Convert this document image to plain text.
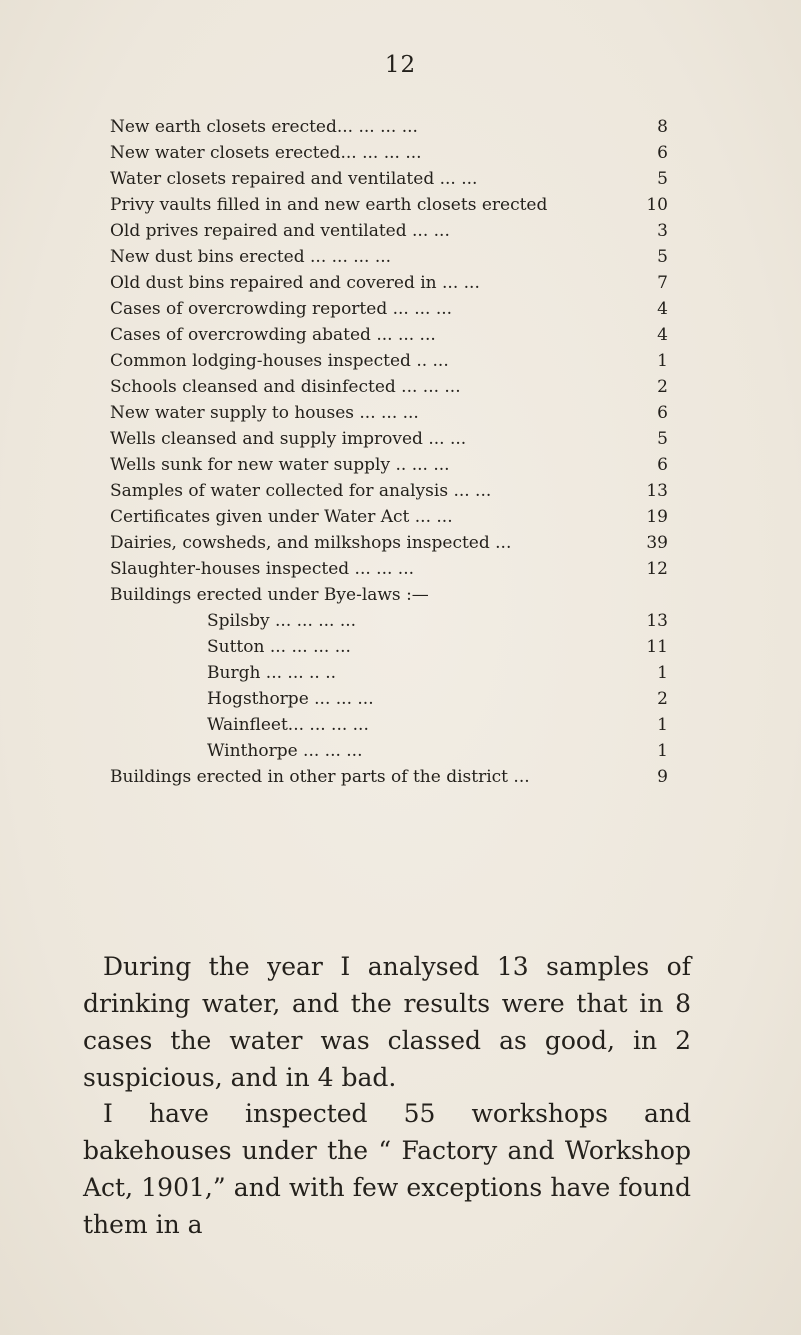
12
New earth closets erected... ... ... ...	8
New water closets erected... ... ... ...	6
Water closets repaired and ventilated ... ...	5
Privy vaults filled in and new earth closets erected	10
Old prives repaired and ventilated ... ...	3
New dust bins erected ... ... ... ...	5
Old dust bins repaired and covered in ... ...	7
Cases of overcrowding reported ... ... ...	4
Cases of overcrowding abated ... ... ...	4
Common lodging-houses inspected .. ...	1
Schools cleansed and disinfected ... ... ...	2
New water supply to houses ... ... ...	6
Wells cleansed and supply improved ... ...	5
Wells sunk for new water supply .. ... ...	6
Samples of water collected for analysis ... ...	13
Certificates given under Water Act ... ...	19
Dairies, cowsheds, and milkshops inspected ...	39
Slaughter-houses inspected ... ... ...	12
Buildings erected under Bye-laws :—
Spilsby ... ... ... ...	13
Sutton ... ... ... ...	11
Burgh ... ... .. ..	1
Hogsthorpe ... ... ...	2
Wainfleet... ... ... ...	1
Winthorpe ... ... ...	1
Buildings erected in other parts of the district ...	9
During the year I analysed 13 samples of drinking water, and the results were that in 8 cases the water was classed as good, in 2 suspicious, and in 4 bad.
I have inspected 55 workshops and bakehouses under the “ Factory and Workshop Act, 1901,” and with few exceptions have found them in a
